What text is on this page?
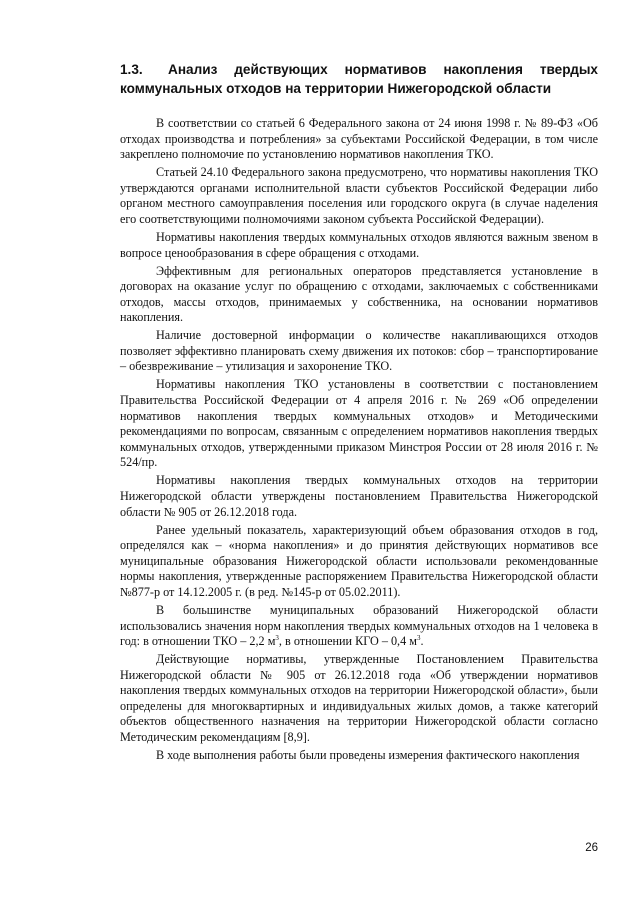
1.3. Анализ действующих нормативов накопления твердых коммунальных отходов на территории Нижегородской области

В соответствии со статьей 6 Федерального закона от 24 июня 1998 г. № 89-ФЗ «Об отходах производства и потребления» за субъектами Российской Федерации, в том числе закреплено полномочие по установлению нормативов накопления ТКО.

Статьей 24.10 Федерального закона предусмотрено, что нормативы накопления ТКО утверждаются органами исполнительной власти субъектов Российской Федерации либо органом местного самоуправления поселения или городского округа (в случае наделения его соответствующими полномочиями законом субъекта Российской Федерации).

Нормативы накопления твердых коммунальных отходов являются важным звеном в вопросе ценообразования в сфере обращения с отходами.

Эффективным для региональных операторов представляется установление в договорах на оказание услуг по обращению с отходами, заключаемых с собственниками отходов, массы отходов, принимаемых у собственника, на основании нормативов накопления.

Наличие достоверной информации о количестве накапливающихся отходов позволяет эффективно планировать схему движения их потоков: сбор – транспортирование – обезвреживание – утилизация и захоронение ТКО.

Нормативы накопления ТКО установлены в соответствии с постановлением Правительства Российской Федерации от 4 апреля 2016 г. № 269 «Об определении нормативов накопления твердых коммунальных отходов» и Методическими рекомендациями по вопросам, связанным с определением нормативов накопления твердых коммунальных отходов, утвержденными приказом Минстроя России от 28 июля 2016 г. № 524/пр.

Нормативы накопления твердых коммунальных отходов на территории Нижегородской области утверждены постановлением Правительства Нижегородской области № 905 от 26.12.2018 года.

Ранее удельный показатель, характеризующий объем образования отходов в год, определялся как – «норма накопления» и до принятия действующих нормативов все муниципальные образования Нижегородской области использовали рекомендованные нормы накопления, утвержденные распоряжением Правительства Нижегородской области №877-р от 14.12.2005 г. (в ред. №145-р от 05.02.2011).

В большинстве муниципальных образований Нижегородской области использовались значения норм накопления твердых коммунальных отходов на 1 человека в год: в отношении ТКО – 2,2 $м^3$, в отношении КГО – 0,4 $м^3$.

Действующие нормативы, утвержденные Постановлением Правительства Нижегородской области № 905 от 26.12.2018 года «Об утверждении нормативов накопления твердых коммунальных отходов на территории Нижегородской области», были определены для многоквартирных и индивидуальных жилых домов, а также категорий объектов общественного назначения на территории Нижегородской области согласно Методическим рекомендациям [8,9].

В ходе выполнения работы были проведены измерения фактического накопления

26
